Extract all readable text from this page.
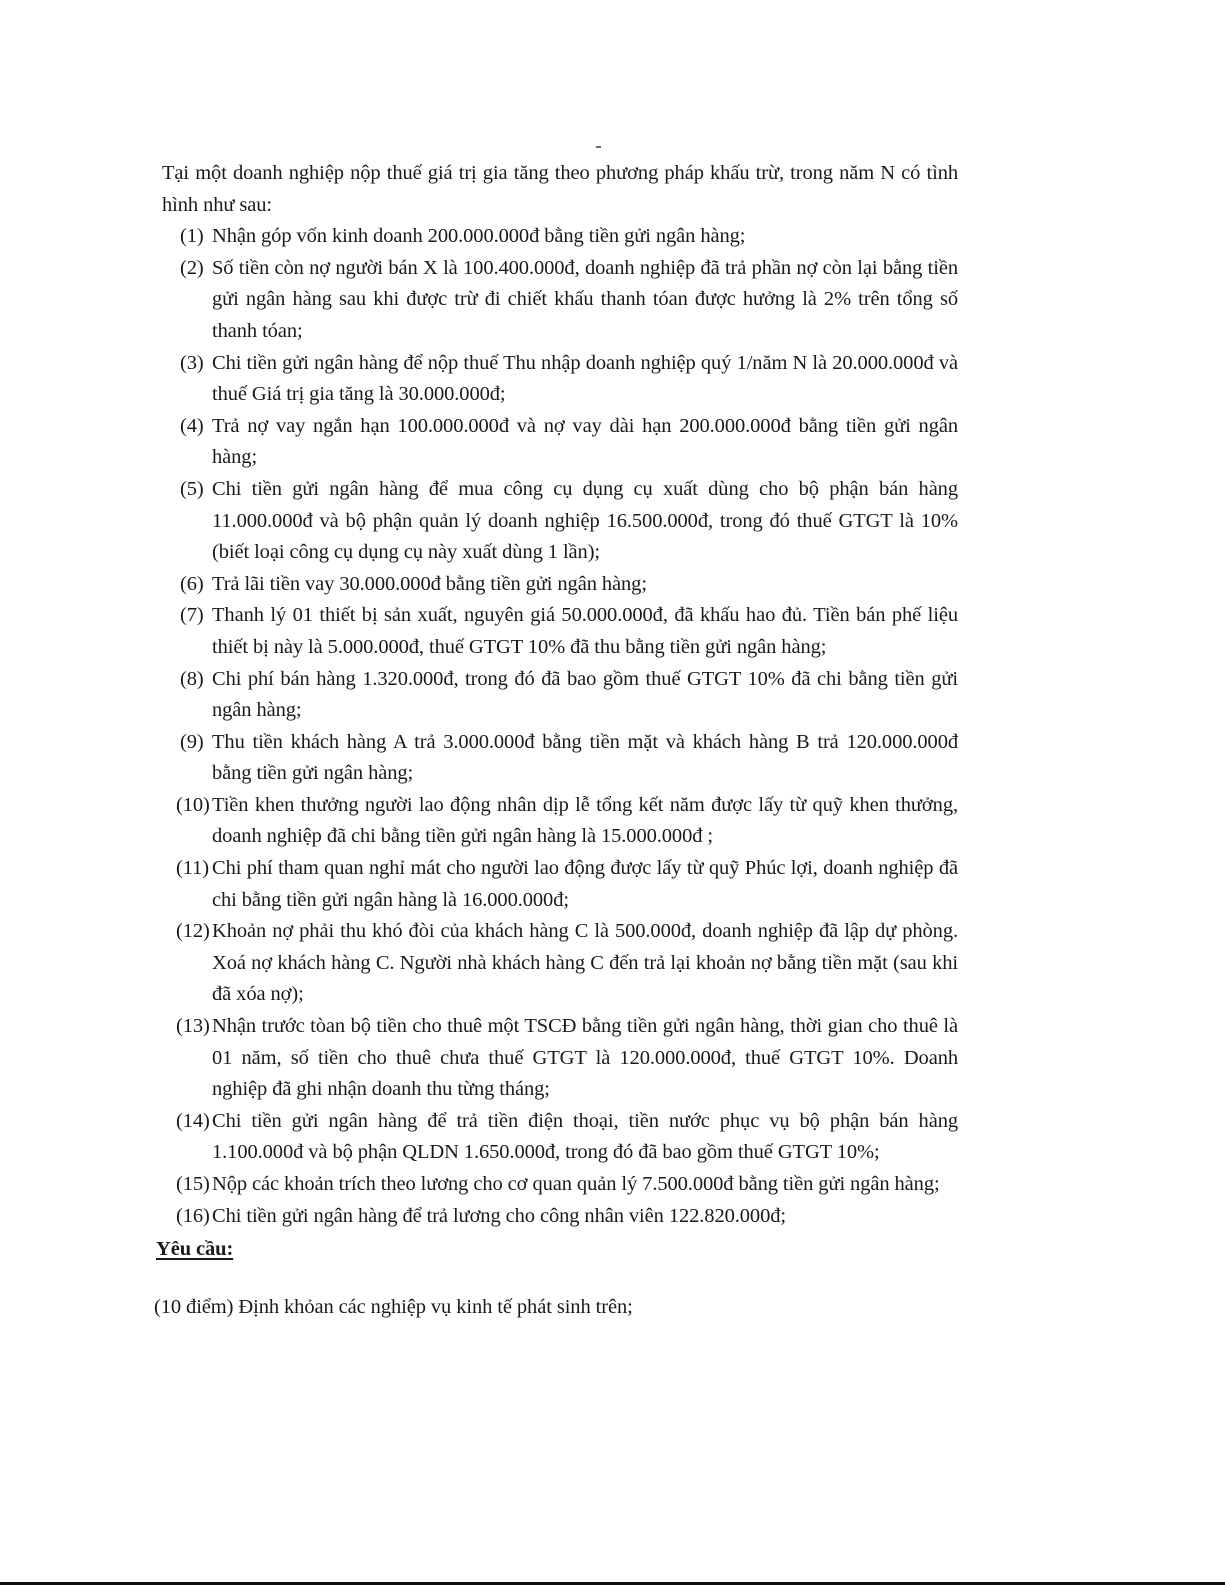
Tại một doanh nghiệp nộp thuế giá trị gia tăng theo phương pháp khấu trừ, trong năm N có tình hình như sau:

(1) Nhận góp vốn kinh doanh 200.000.000đ bằng tiền gửi ngân hàng;
(2) Số tiền còn nợ người bán X là 100.400.000đ, doanh nghiệp đã trả phần nợ còn lại bằng tiền gửi ngân hàng sau khi được trừ đi chiết khấu thanh tóan được hưởng là 2% trên tổng số thanh tóan;
(3) Chi tiền gửi ngân hàng để nộp thuế Thu nhập doanh nghiệp quý 1/năm N là 20.000.000đ và thuế Giá trị gia tăng là 30.000.000đ;
(4) Trả nợ vay ngắn hạn 100.000.000đ và nợ vay dài hạn 200.000.000đ bằng tiền gửi ngân hàng;
(5) Chi tiền gửi ngân hàng để mua công cụ dụng cụ xuất dùng cho bộ phận bán hàng 11.000.000đ và bộ phận quản lý doanh nghiệp 16.500.000đ, trong đó thuế GTGT là 10% (biết loại công cụ dụng cụ này xuất dùng 1 lần);
(6) Trả lãi tiền vay 30.000.000đ bằng tiền gửi ngân hàng;
(7) Thanh lý 01 thiết bị sản xuất, nguyên giá 50.000.000đ, đã khấu hao đủ. Tiền bán phế liệu thiết bị này là 5.000.000đ, thuế GTGT 10% đã thu bằng tiền gửi ngân hàng;
(8) Chi phí bán hàng 1.320.000đ, trong đó đã bao gồm thuế GTGT 10% đã chi bằng tiền gửi ngân hàng;
(9) Thu tiền khách hàng A trả 3.000.000đ bằng tiền mặt và khách hàng B trả 120.000.000đ bằng tiền gửi ngân hàng;
(10) Tiền khen thưởng người lao động nhân dịp lễ tổng kết năm được lấy từ quỹ khen thưởng, doanh nghiệp đã chi bằng tiền gửi ngân hàng là 15.000.000đ ;
(11) Chi phí tham quan nghỉ mát cho người lao động được lấy từ quỹ Phúc lợi, doanh nghiệp đã chi bằng tiền gửi ngân hàng là 16.000.000đ;
(12) Khoản nợ phải thu khó đòi của khách hàng C là 500.000đ, doanh nghiệp đã lập dự phòng. Xoá nợ khách hàng C. Người nhà khách hàng C đến trả lại khoản nợ bằng tiền mặt (sau khi đã xóa nợ);
(13) Nhận trước tòan bộ tiền cho thuê một TSCĐ bằng tiền gửi ngân hàng, thời gian cho thuê là 01 năm, số tiền cho thuê chưa thuế GTGT là 120.000.000đ, thuế GTGT 10%. Doanh nghiệp đã ghi nhận doanh thu từng tháng;
(14) Chi tiền gửi ngân hàng để trả tiền điện thoại, tiền nước phục vụ bộ phận bán hàng 1.100.000đ và bộ phận QLDN 1.650.000đ, trong đó đã bao gồm thuế GTGT 10%;
(15) Nộp các khoản trích theo lương cho cơ quan quản lý 7.500.000đ bằng tiền gửi ngân hàng;
(16) Chi tiền gửi ngân hàng để trả lương cho công nhân viên 122.820.000đ;
Yêu cầu:
(10 điểm) Định khỏan các nghiệp vụ kinh tế phát sinh trên;
